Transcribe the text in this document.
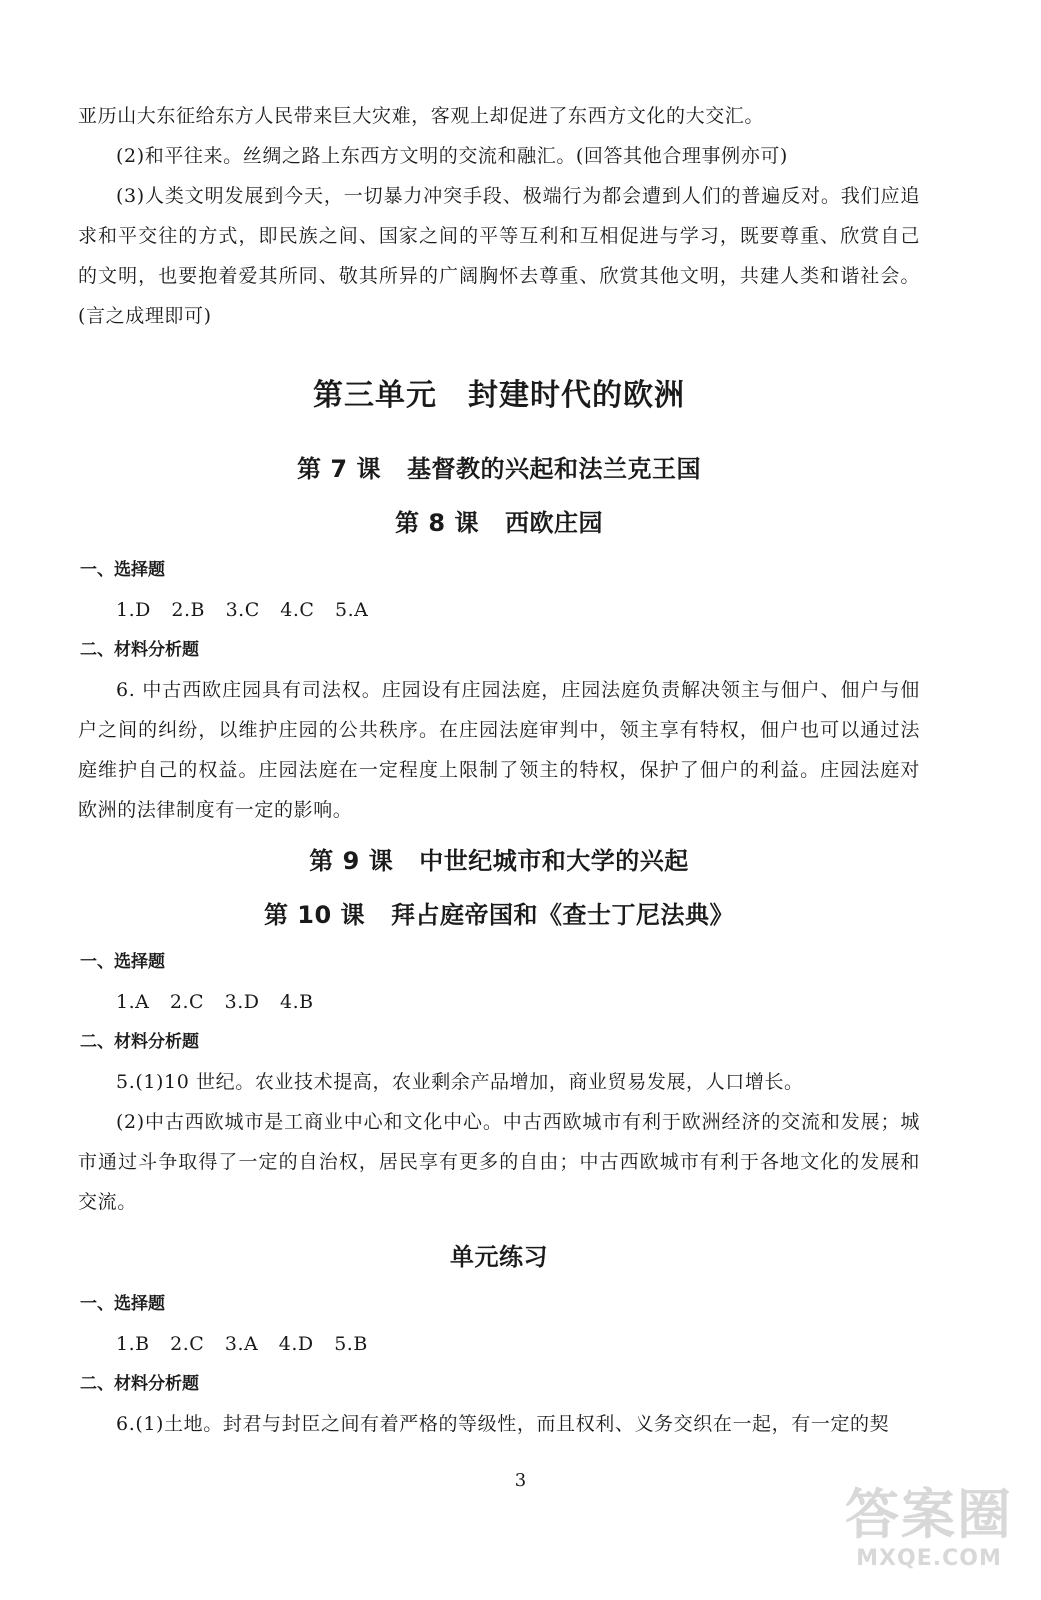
亚历山大东征给东方人民带来巨大灾难，客观上却促进了东西方文化的大交汇。

(2)和平往来。丝绸之路上东西方文明的交流和融汇。(回答其他合理事例亦可)

(3)人类文明发展到今天，一切暴力冲突手段、极端行为都会遭到人们的普遍反对。我们应追求和平交往的方式，即民族之间、国家之间的平等互利和互相促进与学习，既要尊重、欣赏自己的文明，也要抱着爱其所同、敬其所异的广阔胸怀去尊重、欣赏其他文明，共建人类和谐社会。(言之成理即可)

第三单元　封建时代的欧洲
第 7 课 基督教的兴起和法兰克王国
第 8 课 西欧庄园
一、选择题
1.D 2.B 3.C 4.C 5.A
二、材料分析题

6. 中古西欧庄园具有司法权。庄园设有庄园法庭，庄园法庭负责解决领主与佃户、佃户与佃户之间的纠纷，以维护庄园的公共秩序。在庄园法庭审判中，领主享有特权，佃户也可以通过法庭维护自己的权益。庄园法庭在一定程度上限制了领主的特权，保护了佃户的利益。庄园法庭对欧洲的法律制度有一定的影响。

第 9 课 中世纪城市和大学的兴起
第 10 课 拜占庭帝国和《查士丁尼法典》
一、选择题
1.A 2.C 3.D 4.B
二、材料分析题

5.(1)10 世纪。农业技术提高，农业剩余产品增加，商业贸易发展，人口增长。

(2)中古西欧城市是工商业中心和文化中心。中古西欧城市有利于欧洲经济的交流和发展；城市通过斗争取得了一定的自治权，居民享有更多的自由；中古西欧城市有利于各地文化的发展和交流。

单元练习
一、选择题
1.B 2.C 3.A 4.D 5.B
二、材料分析题

6.(1)土地。封君与封臣之间有着严格的等级性，而且权利、义务交织在一起，有一定的契

3
答案圈
MXQE.COM
